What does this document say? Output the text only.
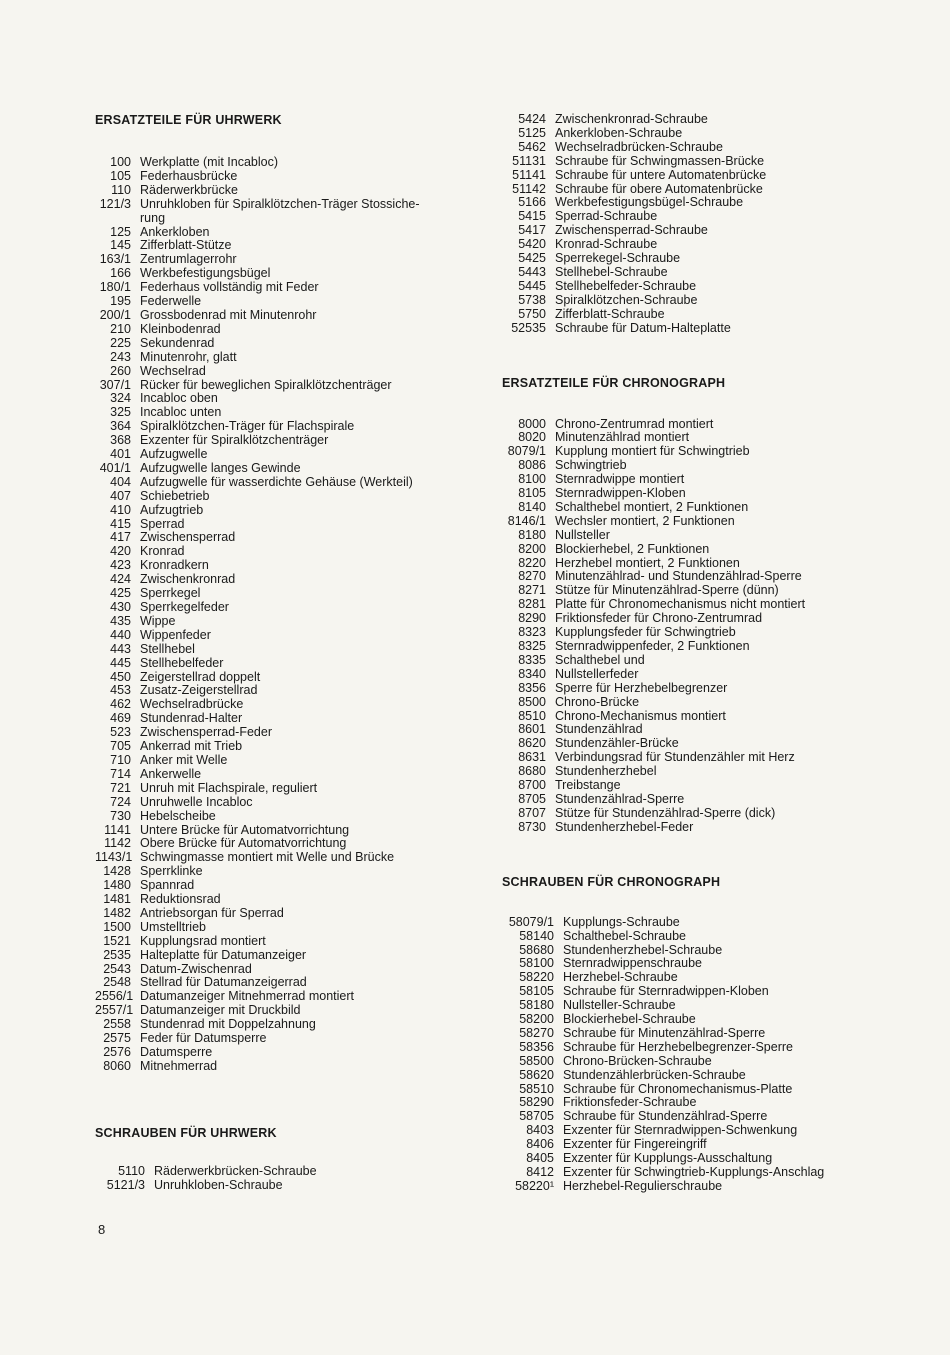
ERSATZTEILE FÜR UHRWERK
100 Werkplatte (mit Incabloc)
105 Federhausbrücke
110 Räderwerkbrücke
121/3 Unruhkloben für Spiralklötzchen-Träger Stossiche-
rung
125 Ankerkloben
145 Zifferblatt-Stütze
163/1 Zentrumlagerrohr
166 Werkbefestigungsbügel
180/1 Federhaus vollständig mit Feder
195 Federwelle
200/1 Grossbodenrad mit Minutenrohr
210 Kleinbodenrad
225 Sekundenrad
243 Minutenrohr, glatt
260 Wechselrad
307/1 Rücker für beweglichen Spiralklötzchenträger
324 Incabloc oben
325 Incabloc unten
364 Spiralklötzchen-Träger für Flachspirale
368 Exzenter für Spiralklötzchenträger
401 Aufzugwelle
401/1 Aufzugwelle langes Gewinde
404 Aufzugwelle für wasserdichte Gehäuse (Werkteil)
407 Schiebetrieb
410 Aufzugtrieb
415 Sperrad
417 Zwischensperrad
420 Kronrad
423 Kronradkern
424 Zwischenkronrad
425 Sperrkegel
430 Sperrkegelfeder
435 Wippe
440 Wippenfeder
443 Stellhebel
445 Stellhebelfeder
450 Zeigerstellrad doppelt
453 Zusatz-Zeigerstellrad
462 Wechselradbrücke
469 Stundenrad-Halter
523 Zwischensperrad-Feder
705 Ankerrad mit Trieb
710 Anker mit Welle
714 Ankerwelle
721 Unruh mit Flachspirale, reguliert
724 Unruhwelle Incabloc
730 Hebelscheibe
1141 Untere Brücke für Automatvorrichtung
1142 Obere Brücke für Automatvorrichtung
1143/1 Schwingmasse montiert mit Welle und Brücke
1428 Sperrklinke
1480 Spannrad
1481 Reduktionsrad
1482 Antriebsorgan für Sperrad
1500 Umstelltrieb
1521 Kupplungsrad montiert
2535 Halteplatte für Datumanzeiger
2543 Datum-Zwischenrad
2548 Stellrad für Datumanzeigerrad
2556/1 Datumanzeiger Mitnehmerrad montiert
2557/1 Datumanzeiger mit Druckbild
2558 Stundenrad mit Doppelzahnung
2575 Feder für Datumsperre
2576 Datumsperre
8060 Mitnehmerrad
SCHRAUBEN FÜR UHRWERK
5110 Räderwerkbrücken-Schraube
5121/3 Unruhkloben-Schraube
5424 Zwischenkronrad-Schraube
5125 Ankerkloben-Schraube
5462 Wechselradbrücken-Schraube
51131 Schraube für Schwingmassen-Brücke
51141 Schraube für untere Automatenbrücke
51142 Schraube für obere Automatenbrücke
5166 Werkbefestigungsbügel-Schraube
5415 Sperrad-Schraube
5417 Zwischensperrad-Schraube
5420 Kronrad-Schraube
5425 Sperrekegel-Schraube
5443 Stellhebel-Schraube
5445 Stellhebelfeder-Schraube
5738 Spiralklötzchen-Schraube
5750 Zifferblatt-Schraube
52535 Schraube für Datum-Halteplatte
ERSATZTEILE FÜR CHRONOGRAPH
8000 Chrono-Zentrumrad montiert
8020 Minutenzählrad montiert
8079/1 Kupplung montiert für Schwingtrieb
8086 Schwingtrieb
8100 Sternradwippe montiert
8105 Sternradwippen-Kloben
8140 Schalthebel montiert, 2 Funktionen
8146/1 Wechsler montiert, 2 Funktionen
8180 Nullsteller
8200 Blockierhebel, 2 Funktionen
8220 Herzhebel montiert, 2 Funktionen
8270 Minutenzählrad- und Stundenzählrad-Sperre
8271 Stütze für Minutenzählrad-Sperre (dünn)
8281 Platte für Chronomechanismus nicht montiert
8290 Friktionsfeder für Chrono-Zentrumrad
8323 Kupplungsfeder für Schwingtrieb
8325 Sternradwippenfeder, 2 Funktionen
8335 Schalthebel und
8340 Nullstellerfeder
8356 Sperre für Herzhebelbegrenzer
8500 Chrono-Brücke
8510 Chrono-Mechanismus montiert
8601 Stundenzählrad
8620 Stundenzähler-Brücke
8631 Verbindungsrad für Stundenzähler mit Herz
8680 Stundenherzhebel
8700 Treibstange
8705 Stundenzählrad-Sperre
8707 Stütze für Stundenzählrad-Sperre (dick)
8730 Stundenherzhebel-Feder
SCHRAUBEN FÜR CHRONOGRAPH
58079/1 Kupplungs-Schraube
58140 Schalthebel-Schraube
58680 Stundenherzhebel-Schraube
58100 Sternradwippenschraube
58220 Herzhebel-Schraube
58105 Schraube für Sternradwippen-Kloben
58180 Nullsteller-Schraube
58200 Blockierhebel-Schraube
58270 Schraube für Minutenzählrad-Sperre
58356 Schraube für Herzhebelbegrenzer-Sperre
58500 Chrono-Brücken-Schraube
58620 Stundenzählerbrücken-Schraube
58510 Schraube für Chronomechanismus-Platte
58290 Friktionsfeder-Schraube
58705 Schraube für Stundenzählrad-Sperre
8403 Exzenter für Sternradwippen-Schwenkung
8406 Exzenter für Fingereingriff
8405 Exzenter für Kupplungs-Ausschaltung
8412 Exzenter für Schwingtrieb-Kupplungs-Anschlag
58220¹ Herzhebel-Regulierschraube
8
